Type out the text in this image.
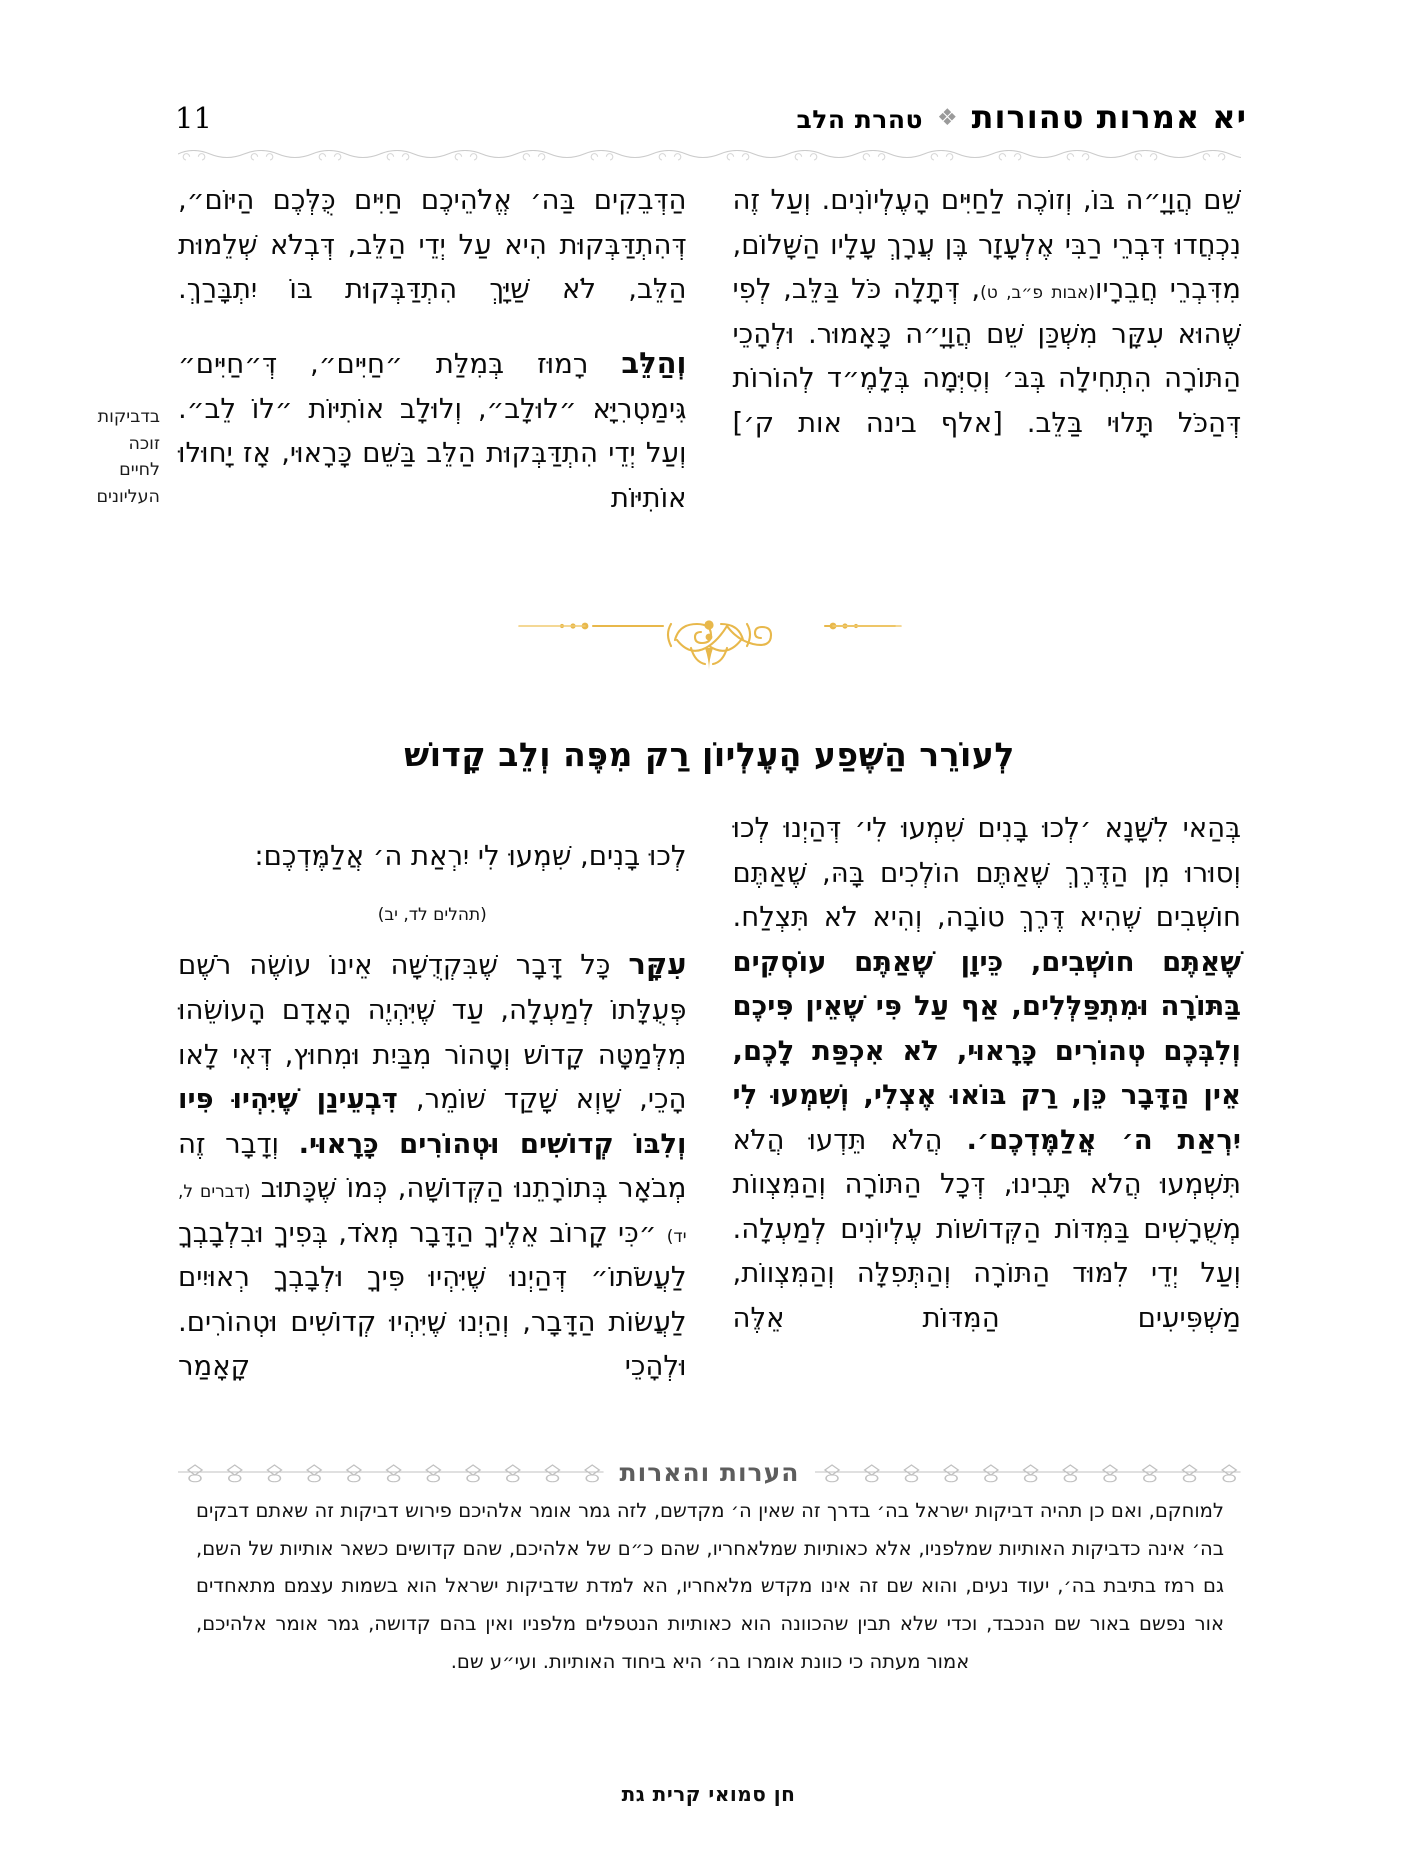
11	יא אמרות טהורות
❖
טהרת הלב

שֵׁם הֲוָיָ״ה בּוֹ, וְזוֹכֶה לַחַיִּים הָעֶלְיוֹנִים. וְעַל זֶה נִכְחֲדוּ דִּבְרֵי רַבִּי אֶלְעָזָר בֶּן עֲרָךְ עָלָיו הַשָּׁלוֹם, מִדִּבְרֵי חֲבֵרָיו(אבות פ״ב, ט), דְּתָלָה כֹּל בַּלֵּב, לְפִי שֶׁהוּא עִקָּר מִשְׁכַּן שֵׁם הֲוָיָ״ה כָּאָמוּר. וּלְהָכֵי הַתּוֹרָה הִתְחִילָה בְּבּ׳ וְסִיְּמָה בְּלָמֶ״ד לְהוֹרוֹת דְּהַכֹּל תָּלוּי בַּלֵּב. [אלף בינה אות ק׳]

הַדְּבֵקִים בַּה׳ אֱלֹהֵיכֶם חַיִּים כֻּלְּכֶם הַיּוֹם״, דְּהִתְדַּבְּקוּת הִיא עַל יְדֵי הַלֵּב, דְּבְלֹא שְׁלֵמוּת הַלֵּב, לֹא שַׁיָּךְ הִתְדַּבְּקוּת בּוֹ יִתְבָּרַךְ.

וְהַלֵּב רָמוּז בְּמִלַּת ״חַיִּים״, דְּ״חַיִּים״ גִּימַטְרִיָּא ״לוּלָב״, וְלוּלָב אוֹתִיּוֹת ״לוֹ לֵב״. וְעַל יְדֵי הִתְדַּבְּקוּת הַלֵּב בַּשֵּׁם כָּרָאוּי, אָז יָחוּלוּ אוֹתִיּוֹת

בדביקות
זוכה
לחיים
העליונים
לְעוֹרֵר הַשֶּׁפַע הָעֶלְיוֹן רַק מִפֶּה וְלֵב קָדוֹשׁ

בְּהַאי לִשָּׁנָא ׳לְכוּ בָנִים שִׁמְעוּ לִי׳ דְּהַיְנוּ לְכוּ וְסוּרוּ מִן הַדֶּרֶךְ שֶׁאַתֶּם הוֹלְכִים בָּהּ, שֶׁאַתֶּם חוֹשְׁבִים שֶׁהִיא דֶּרֶךְ טוֹבָה, וְהִיא לֹא תִּצְלַח. שֶׁאַתֶּם חוֹשְׁבִים, כֵּיוָן שֶׁאַתֶּם עוֹסְקִים בַּתּוֹרָה וּמִתְפַּלְּלִים, אַף עַל פִּי שֶׁאֵין פִּיכֶם וְלִבְּכֶם טְהוֹרִים כָּרָאוּי, לֹא אִכְפַּת לָכֶם, אֵין הַדָּבָר כֵּן, רַק בּוֹאוּ אֶצְלִי, וְשִׁמְעוּ לִי יִרְאַת ה׳ אֲלַמֶּדְכֶם׳. הֲלֹא תֵּדְעוּ הֲלֹא תִּשְׁמְעוּ הֲלֹא תָּבִינוּ, דְּכָל הַתּוֹרָה וְהַמִּצְווֹת מְשֻׁרָשִׁים בַּמִּדּוֹת הַקְּדוֹשׁוֹת עֶלְיוֹנִים לְמַעְלָה. וְעַל יְדֵי לִמּוּד הַתּוֹרָה וְהַתְּפִלָּה וְהַמִּצְווֹת, מַשְׁפִּיעִים הַמִּדּוֹת אֵלֶּה

לְכוּ בָנִים, שִׁמְעוּ לִי יִרְאַת ה׳ אֲלַמֶּדְכֶם:

(תהלים לד, יב)

עִקָּר כָּל דָּבָר שֶׁבִּקְדֻשָּׁה אֵינוֹ עוֹשֶׂה רֹשֶׁם פְּעֻלָּתוֹ לְמַעְלָה, עַד שֶׁיִּהְיֶה הָאָדָם הָעוֹשֵׂהוּ מִלְּמַטָּה קָדוֹשׁ וְטָהוֹר מִבַּיִת וּמִחוּץ, דְּאִי לָאו הָכֵי, שָׁוְא שָׁקַד שׁוֹמֵר, דִּבְעֵינַן שֶׁיִּהְיוּ פִּיו וְלִבּוֹ קְדוֹשִׁים וּטְהוֹרִים כָּרָאוּי. וְדָבָר זֶה מְבֹאָר בְּתוֹרָתֵנוּ הַקְּדוֹשָׁה, כְּמוֹ שֶׁכָּתוּב (דברים ל, יד) ״כִּי קָרוֹב אֵלֶיךָ הַדָּבָר מְאֹד, בְּפִיךָ וּבִלְבָבְךָ לַעֲשֹׂתוֹ״ דְּהַיְנוּ שֶׁיִּהְיוּ פִּיךָ וּלְבָבְךָ רְאוּיִים לַעֲשׂוֹת הַדָּבָר, וְהַיְנוּ שֶׁיִּהְיוּ קְדוֹשִׁים וּטְהוֹרִים. וּלְהָכֵי קָאָמַר

הערות והארות
למוחקם, ואם כן תהיה דביקות ישראל בה׳ בדרך זה שאין ה׳ מקדשם, לזה גמר אומר אלהיכם פירוש דביקות זה שאתם דבקים בה׳ אינה כדביקות האותיות שמלפניו, אלא כאותיות שמלאחריו, שהם כ״ם של אלהיכם, שהם קדושים כשאר אותיות של השם, גם רמז בתיבת בה׳, יעוד נעים, והוא שם זה אינו מקדש מלאחריו, הא למדת שדביקות ישראל הוא בשמות עצמם מתאחדים אור נפשם באור שם הנכבד, וכדי שלא תבין שהכוונה הוא כאותיות הנטפלים מלפניו ואין בהם קדושה, גמר אומר אלהיכם, אמור מעתה כי כוונת אומרו בה׳ היא ביחוד האותיות. ועי״ע שם.
חן סמואי קרית גת
